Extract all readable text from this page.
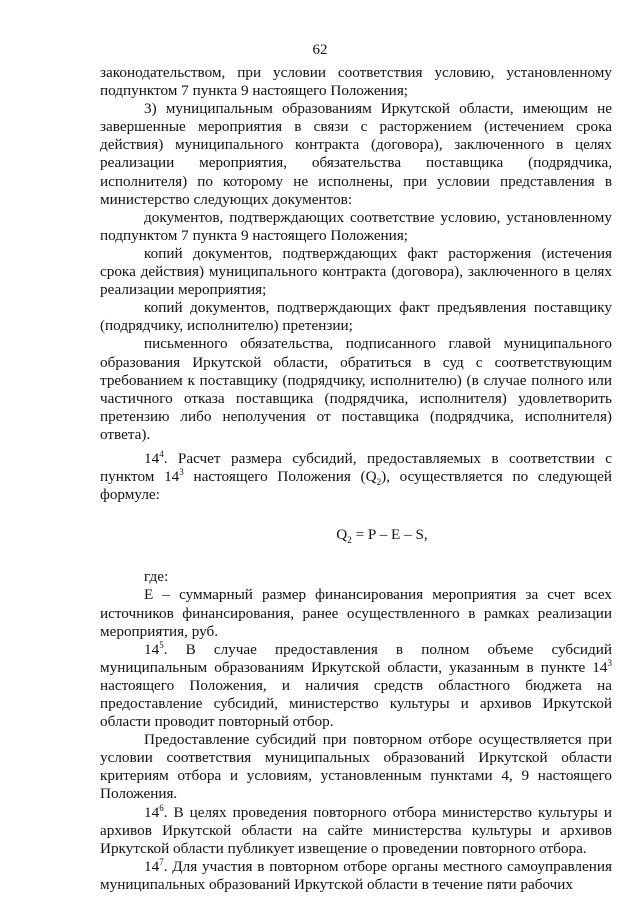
62

законодательством, при условии соответствия условию, установленному подпунктом 7 пункта 9 настоящего Положения;

3) муниципальным образованиям Иркутской области, имеющим не завершенные мероприятия в связи с расторжением (истечением срока действия) муниципального контракта (договора), заключенного в целях реализации мероприятия, обязательства поставщика (подрядчика, исполнителя) по которому не исполнены, при условии представления в министерство следующих документов:

документов, подтверждающих соответствие условию, установленному подпунктом 7 пункта 9 настоящего Положения;

копий документов, подтверждающих факт расторжения (истечения срока действия) муниципального контракта (договора), заключенного в целях реализации мероприятия;

копий документов, подтверждающих факт предъявления поставщику (подрядчику, исполнителю) претензии;

письменного обязательства, подписанного главой муниципального образования Иркутской области, обратиться в суд с соответствующим требованием к поставщику (подрядчику, исполнителю) (в случае полного или частичного отказа поставщика (подрядчика, исполнителя) удовлетворить претензию либо неполучения от поставщика (подрядчика, исполнителя) ответа).

$14^4$. Расчет размера субсидий, предоставляемых в соответствии с пунктом $14^3$ настоящего Положения $(Q_2)$, осуществляется по следующей формуле:

$Q_2 = P - E - S$,

где:

E – суммарный размер финансирования мероприятия за счет всех источников финансирования, ранее осуществленного в рамках реализации мероприятия, руб.

$14^5$. В случае предоставления в полном объеме субсидий муниципальным образованиям Иркутской области, указанным в пункте $14^3$ настоящего Положения, и наличия средств областного бюджета на предоставление субсидий, министерство культуры и архивов Иркутской области проводит повторный отбор.

Предоставление субсидий при повторном отборе осуществляется при условии соответствия муниципальных образований Иркутской области критериям отбора и условиям, установленным пунктами 4, 9 настоящего Положения.

$14^6$. В целях проведения повторного отбора министерство культуры и архивов Иркутской области на сайте министерства культуры и архивов Иркутской области публикует извещение о проведении повторного отбора.

$14^7$. Для участия в повторном отборе органы местного самоуправления муниципальных образований Иркутской области в течение пяти рабочих
